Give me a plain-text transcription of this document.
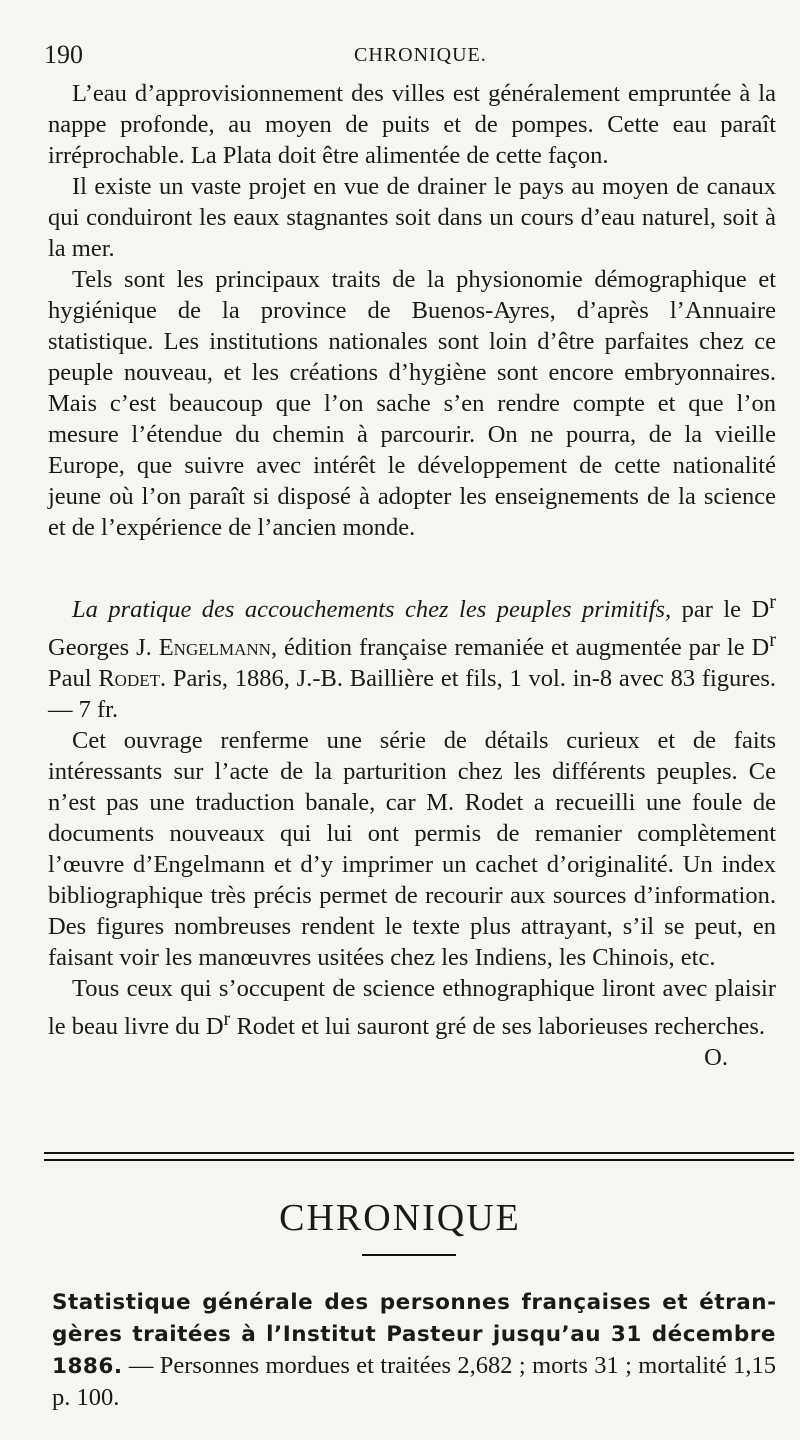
190	CHRONIQUE.

L’eau d’approvisionnement des villes est généralement empruntée à la nappe profonde, au moyen de puits et de pompes. Cette eau paraît irréprochable. La Plata doit être alimentée de cette façon.

Il existe un vaste projet en vue de drainer le pays au moyen de canaux qui conduiront les eaux stagnantes soit dans un cours d’eau naturel, soit à la mer.

Tels sont les principaux traits de la physionomie démographique et hygiénique de la province de Buenos-Ayres, d’après l’Annuaire statistique. Les institutions nationales sont loin d’être parfaites chez ce peuple nouveau, et les créations d’hygiène sont encore embryonnaires. Mais c’est beaucoup que l’on sache s’en rendre compte et que l’on mesure l’étendue du chemin à parcourir. On ne pourra, de la vieille Europe, que suivre avec intérêt le développement de cette nationalité jeune où l’on paraît si disposé à adopter les enseignements de la science et de l’expérience de l’ancien monde.

La pratique des accouchements chez les peuples primitifs, par le $D^r$ Georges J. Engelmann, édition française remaniée et augmentée par le $D^r$ Paul Rodet. Paris, 1886, J.-B. Baillière et fils, 1 vol. in-8 avec 83 figures. — 7 fr.

Cet ouvrage renferme une série de détails curieux et de faits intéressants sur l’acte de la parturition chez les différents peuples. Ce n’est pas une traduction banale, car M. Rodet a recueilli une foule de documents nouveaux qui lui ont permis de remanier complètement l’œuvre d’Engelmann et d’y imprimer un cachet d’originalité. Un index bibliographique très précis permet de recourir aux sources d’information. Des figures nombreuses rendent le texte plus attrayant, s’il se peut, en faisant voir les manœuvres usitées chez les Indiens, les Chinois, etc.

Tous ceux qui s’occupent de science ethnographique liront avec plaisir le beau livre du $D^r$ Rodet et lui sauront gré de ses laborieuses recherches.
O.

CHRONIQUE

Statistique générale des personnes françaises et étrangères traitées à l’Institut Pasteur jusqu’au 31 décembre 1886. — Personnes mordues et traitées 2,682 ; morts 31 ; mortalité 1,15 p. 100.
